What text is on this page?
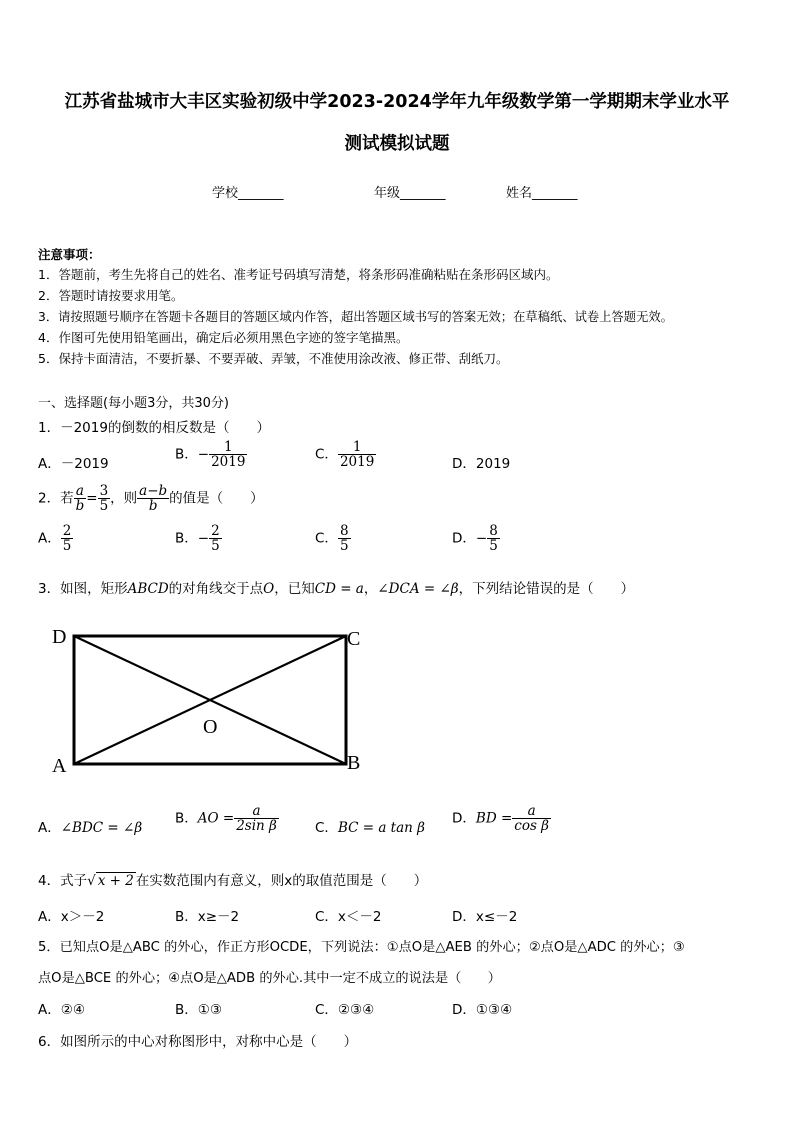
江苏省盐城市大丰区实验初级中学2023-2024学年九年级数学第一学期期末学业水平
测试模拟试题
学校_______	年级_______	姓名_______
注意事项：
1．答题前，考生先将自己的姓名、准考证号码填写清楚，将条形码准确粘贴在条形码区域内。
2．答题时请按要求用笔。
3．请按照题号顺序在答题卡各题目的答题区域内作答，超出答题区域书写的答案无效；在草稿纸、试卷上答题无效。
4．作图可先使用铅笔画出，确定后必须用黑色字迹的签字笔描黑。
5．保持卡面清洁，不要折暴、不要弄破、弄皱，不准使用涂改液、修正带、刮纸刀。
一、选择题(每小题3分，共30分)
1．－2019的倒数的相反数是（　　）
A．－2019
B．− $\frac{1}{2019}$	C． $\frac{1}{2019}$	D．2019
2．若 $\frac{a}{b} = \frac{3}{5}$ ，则 $\frac{a-b}{b}$ 的值是（　　）
A． $\frac{2}{5}$	B．− $\frac{2}{5}$	C． $\frac{8}{5}$	D．− $\frac{8}{5}$
3．如图，矩形ABCD的对角线交于点O，已知CD = a，∠DCA = ∠β，下列结论错误的是（　　）
D	C
A	B
O
A．∠BDC = ∠β
B．AO = $\frac{a}{\text{2sin β}}$	C．BC = a tan β
D．BD = $\frac{a}{\text{cos β}}$
4．式子√ x + 2 在实数范围内有意义，则x的取值范围是（　　）
A．x＞－2	B．x≥－2	C．x＜－2	D．x≤－2
5．已知点O是△ABC 的外心，作正方形OCDE，下列说法：①点O是△AEB 的外心；②点O是△ADC 的外心；③
点O是△BCE 的外心；④点O是△ADB 的外心.其中一定不成立的说法是（　　）
A．②④	B．①③	C．②③④	D．①③④
6．如图所示的中心对称图形中，对称中心是（　　）
